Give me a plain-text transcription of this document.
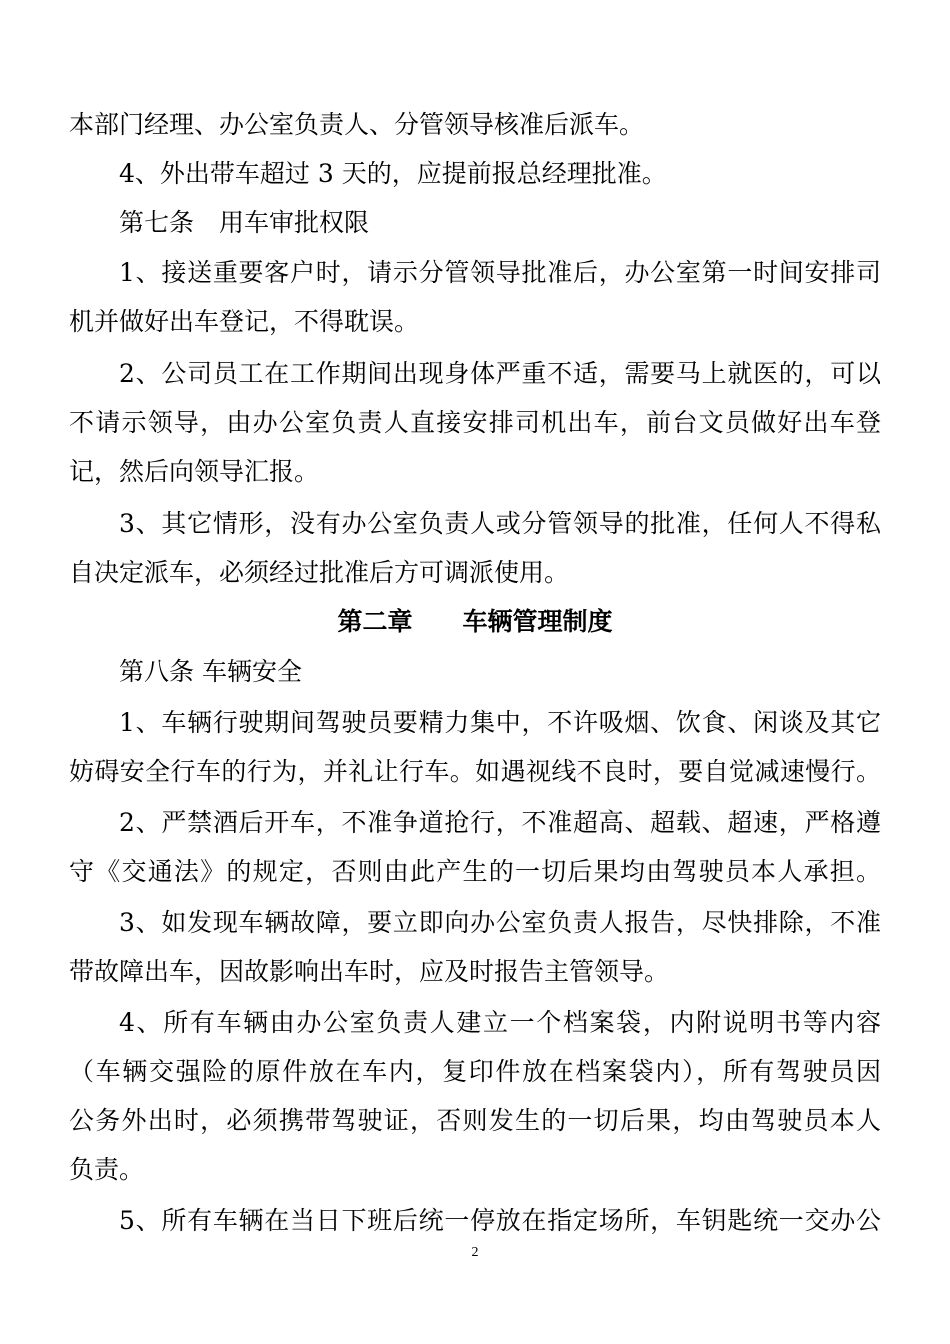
本部门经理、办公室负责人、分管领导核准后派车。
4、外出带车超过 3 天的，应提前报总经理批准。
第七条　用车审批权限
1、接送重要客户时，请示分管领导批准后，办公室第一时间安排司
机并做好出车登记，不得耽误。
2、公司员工在工作期间出现身体严重不适，需要马上就医的，可以
不请示领导，由办公室负责人直接安排司机出车，前台文员做好出车登
记，然后向领导汇报。
3、其它情形，没有办公室负责人或分管领导的批准，任何人不得私
自决定派车，必须经过批准后方可调派使用。
第二章　　车辆管理制度
第八条 车辆安全
1、车辆行驶期间驾驶员要精力集中，不许吸烟、饮食、闲谈及其它
妨碍安全行车的行为，并礼让行车。如遇视线不良时，要自觉减速慢行。
2、严禁酒后开车，不准争道抢行，不准超高、超载、超速，严格遵
守《交通法》的规定，否则由此产生的一切后果均由驾驶员本人承担。
3、如发现车辆故障，要立即向办公室负责人报告，尽快排除，不准
带故障出车，因故影响出车时，应及时报告主管领导。
4、所有车辆由办公室负责人建立一个档案袋，内附说明书等内容
（车辆交强险的原件放在车内，复印件放在档案袋内），所有驾驶员因
公务外出时，必须携带驾驶证，否则发生的一切后果，均由驾驶员本人
负责。
5、所有车辆在当日下班后统一停放在指定场所，车钥匙统一交办公
2
